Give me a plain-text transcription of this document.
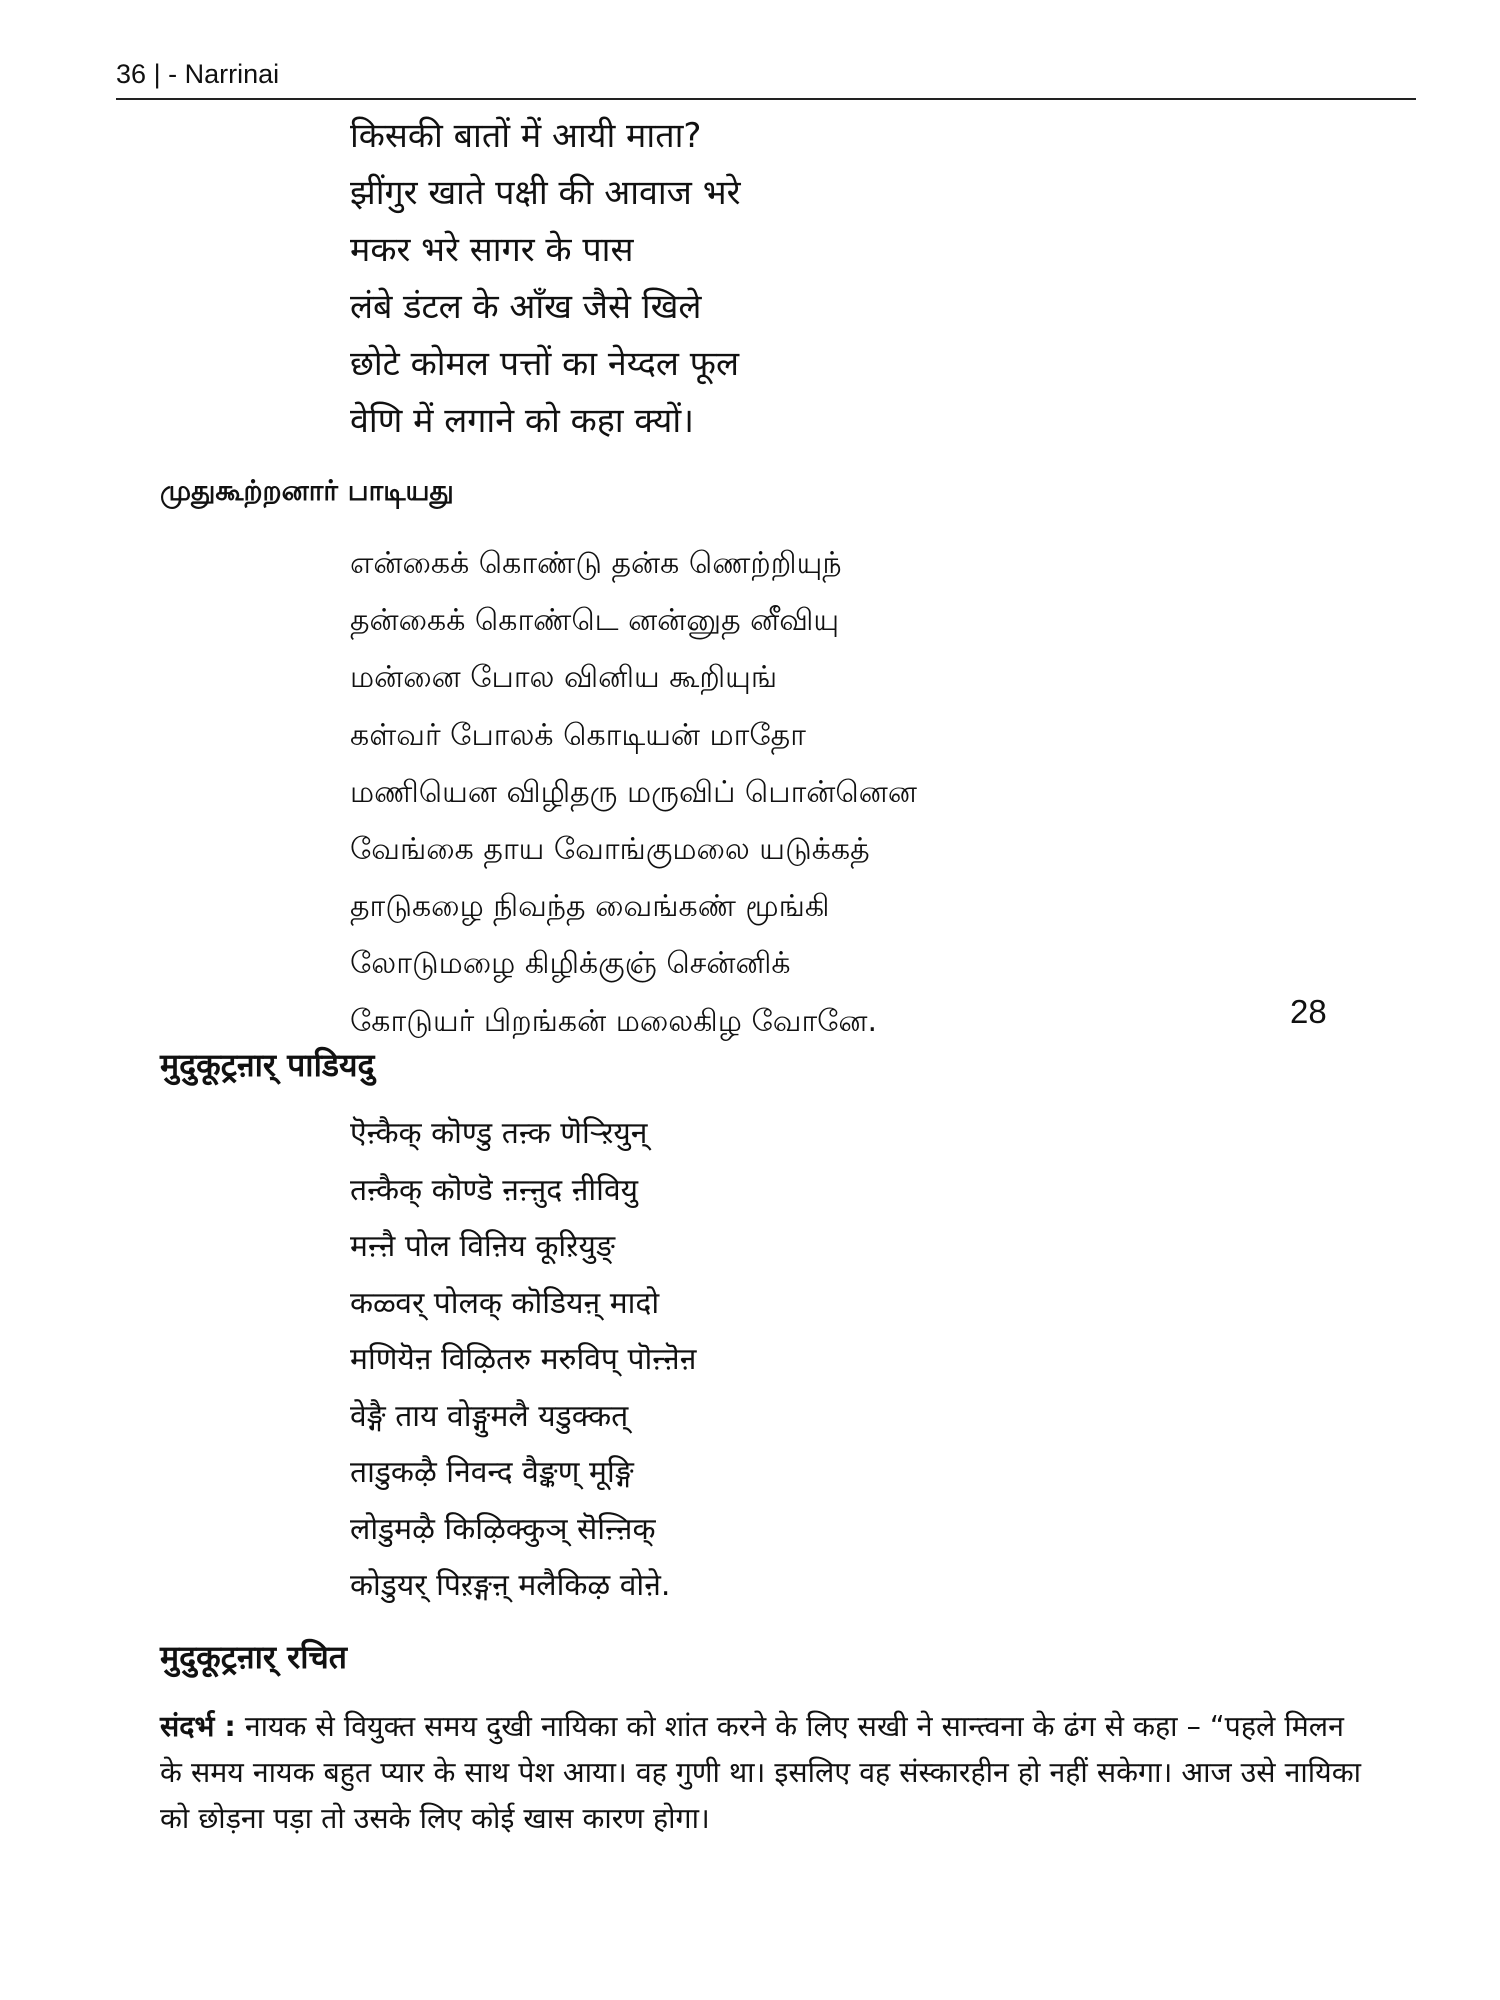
36 | - Narrinai
किसकी बातों में आयी माता?
झींगुर खाते पक्षी की आवाज भरे
मकर भरे सागर के पास
लंबे डंटल के आँख जैसे खिले
छोटे कोमल पत्तों का नेय्दल फूल
वेणि में लगाने को कहा क्यों।
முதுகூற்றனார் பாடியது
என்கைக் கொண்டு தன்க ணெற்றியுந்
தன்கைக் கொண்டெ னன்னுத னீவியு
மன்னை போல வினிய கூறியுங்
கள்வர் போலக் கொடியன் மாதோ
மணியென விழிதரு மருவிப் பொன்னென
வேங்கை தாய வோங்குமலை யடுக்கத்
தாடுகழை நிவந்த வைங்கண் மூங்கி
லோடுமழை கிழிக்குஞ் சென்னிக்
கோடுயர் பிறங்கன் மலைகிழ வோனே.	28
मुदुकूट्रऩार् पाडियदु
ऎऩ्कैक् कॊण्डु तऩ्क णॆऱ्ऱियुन्
तऩ्कैक् कॊण्डॆ ऩऩ्ऩुद ऩीवियु
मऩ्ऩै पोल विऩिय कूऱियुङ्
कळ्वर् पोलक् कॊडियऩ् मादो
मणियॆऩ विऴितरु मरुविप् पॊऩ्ऩॆऩ
वेङ्गै ताय वोङ्गुमलै यडुक्कत्
ताडुकऴै निवन्द वैङ्कण् मूङ्गि
लोडुमऴै किऴिक्कुञ् सॆऩ्ऩिक्
कोडुयर् पिऱङ्गऩ् मलैकिऴ वोऩे.
मुदुकूट्रऩार् रचित

संदर्भ : नायक से वियुक्त समय दुखी नायिका को शांत करने के लिए सखी ने सान्त्वना के ढंग से कहा – “पहले मिलन के समय नायक बहुत प्यार के साथ पेश आया। वह गुणी था। इसलिए वह संस्कारहीन हो नहीं सकेगा। आज उसे नायिका को छोड़ना पड़ा तो उसके लिए कोई खास कारण होगा।
